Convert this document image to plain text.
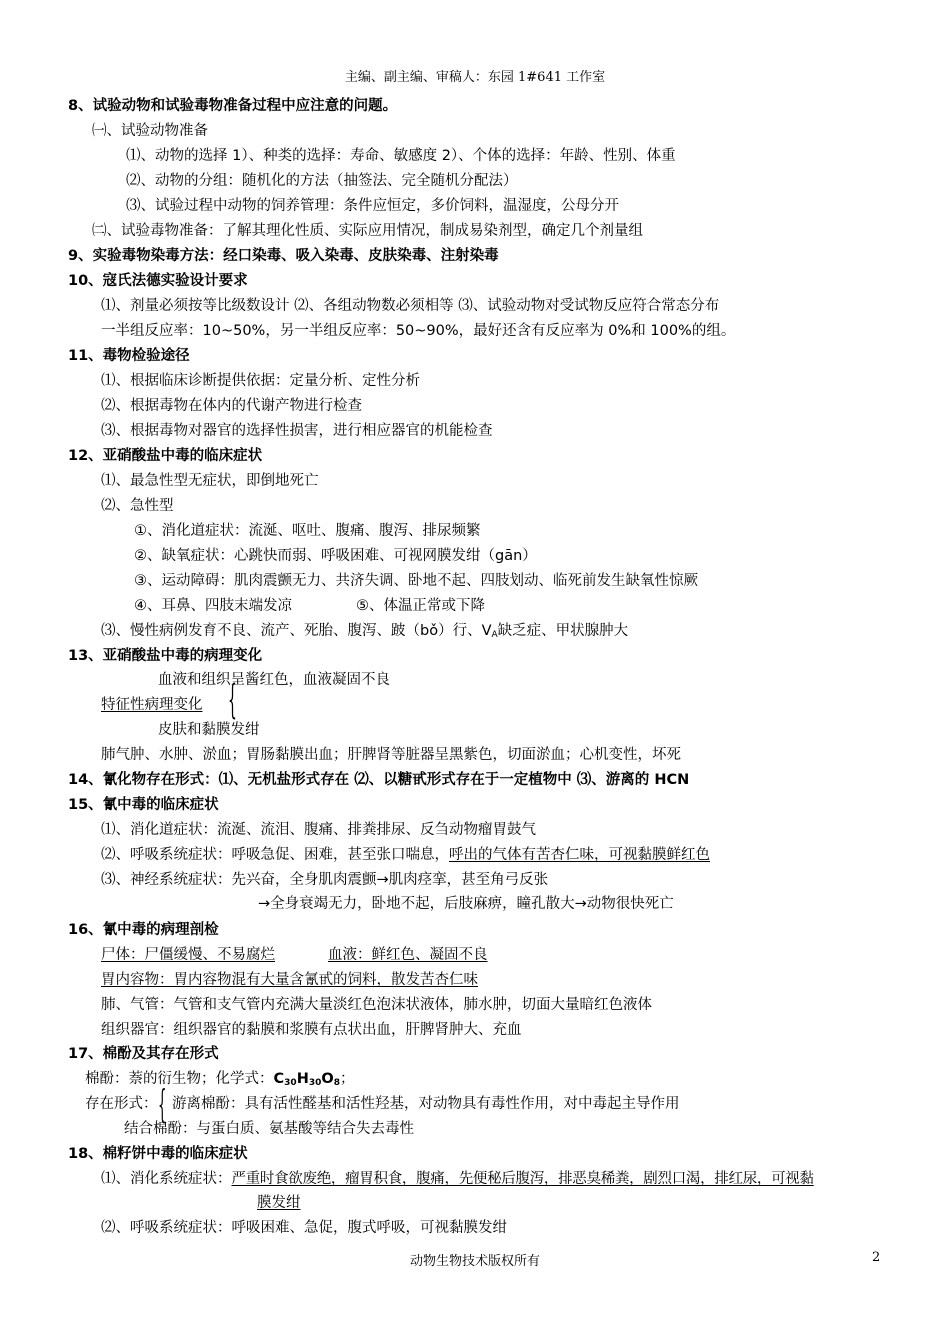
主编、副主编、审稿人：东园 1#641 工作室
8、试验动物和试验毒物准备过程中应注意的问题。
㈠、试验动物准备
⑴、动物的选择 1）、种类的选择：寿命、敏感度 2）、个体的选择：年龄、性别、体重
⑵、动物的分组：随机化的方法（抽签法、完全随机分配法）
⑶、试验过程中动物的饲养管理：条件应恒定，多价饲料，温湿度，公母分开
㈡、试验毒物准备：了解其理化性质、实际应用情况，制成易染剂型，确定几个剂量组
9、实验毒物染毒方法：经口染毒、吸入染毒、皮肤染毒、注射染毒
10、寇氏法德实验设计要求
⑴、剂量必须按等比级数设计 ⑵、各组动物数必须相等 ⑶、试验动物对受试物反应符合常态分布
一半组反应率：10~50%，另一半组反应率：50~90%，最好还含有反应率为 0%和 100%的组。
11、毒物检验途径
⑴、根据临床诊断提供依据：定量分析、定性分析
⑵、根据毒物在体内的代谢产物进行检查
⑶、根据毒物对器官的选择性损害，进行相应器官的机能检查
12、亚硝酸盐中毒的临床症状
⑴、最急性型无症状，即倒地死亡
⑵、急性型
①、消化道症状：流涎、呕吐、腹痛、腹泻、排尿频繁
②、缺氧症状：心跳快而弱、呼吸困难、可视网膜发绀（gān）
③、运动障碍：肌肉震颤无力、共济失调、卧地不起、四肢划动、临死前发生缺氧性惊厥
④、耳鼻、四肢末端发凉	⑤、体温正常或下降
⑶、慢性病例发育不良、流产、死胎、腹泻、跛（bǒ）行、$V_A$缺乏症、甲状腺肿大
13、亚硝酸盐中毒的病理变化
血液和组织呈酱红色，血液凝固不良
特征性病理变化 {
皮肤和黏膜发绀
肺气肿、水肿、淤血；胃肠黏膜出血；肝脾肾等脏器呈黑紫色，切面淤血；心机变性，坏死
14、氰化物存在形式：⑴、无机盐形式存在 ⑵、以糖甙形式存在于一定植物中 ⑶、游离的 HCN
15、氰中毒的临床症状
⑴、消化道症状：流涎、流泪、腹痛、排粪排尿、反刍动物瘤胃鼓气
⑵、呼吸系统症状：呼吸急促、困难，甚至张口喘息，呼出的气体有苦杏仁味，可视黏膜鲜红色
⑶、神经系统症状：先兴奋，全身肌肉震颤→肌肉痉挛，甚至角弓反张
→全身衰竭无力，卧地不起，后肢麻痹，瞳孔散大→动物很快死亡
16、氰中毒的病理剖检
尸体：尸僵缓慢、不易腐烂	血液：鲜红色、凝固不良
胃内容物：胃内容物混有大量含氰甙的饲料，散发苦杏仁味
肺、气管：气管和支气管内充满大量淡红色泡沫状液体，肺水肿，切面大量暗红色液体
组织器官：组织器官的黏膜和浆膜有点状出血，肝脾肾肿大、充血
17、棉酚及其存在形式
棉酚：萘的衍生物；化学式：$C_{30}H_{30}O_8$；
存在形式： { 游离棉酚：具有活性醛基和活性羟基，对动物具有毒性作用，对中毒起主导作用
结合棉酚：与蛋白质、氨基酸等结合失去毒性
18、棉籽饼中毒的临床症状
⑴、消化系统症状：严重时食欲废绝，瘤胃积食，腹痛，先便秘后腹泻，排恶臭稀粪，剧烈口渴，排红尿，可视黏
膜发绀
⑵、呼吸系统症状：呼吸困难、急促，腹式呼吸，可视黏膜发绀
动物生物技术版权所有	2
